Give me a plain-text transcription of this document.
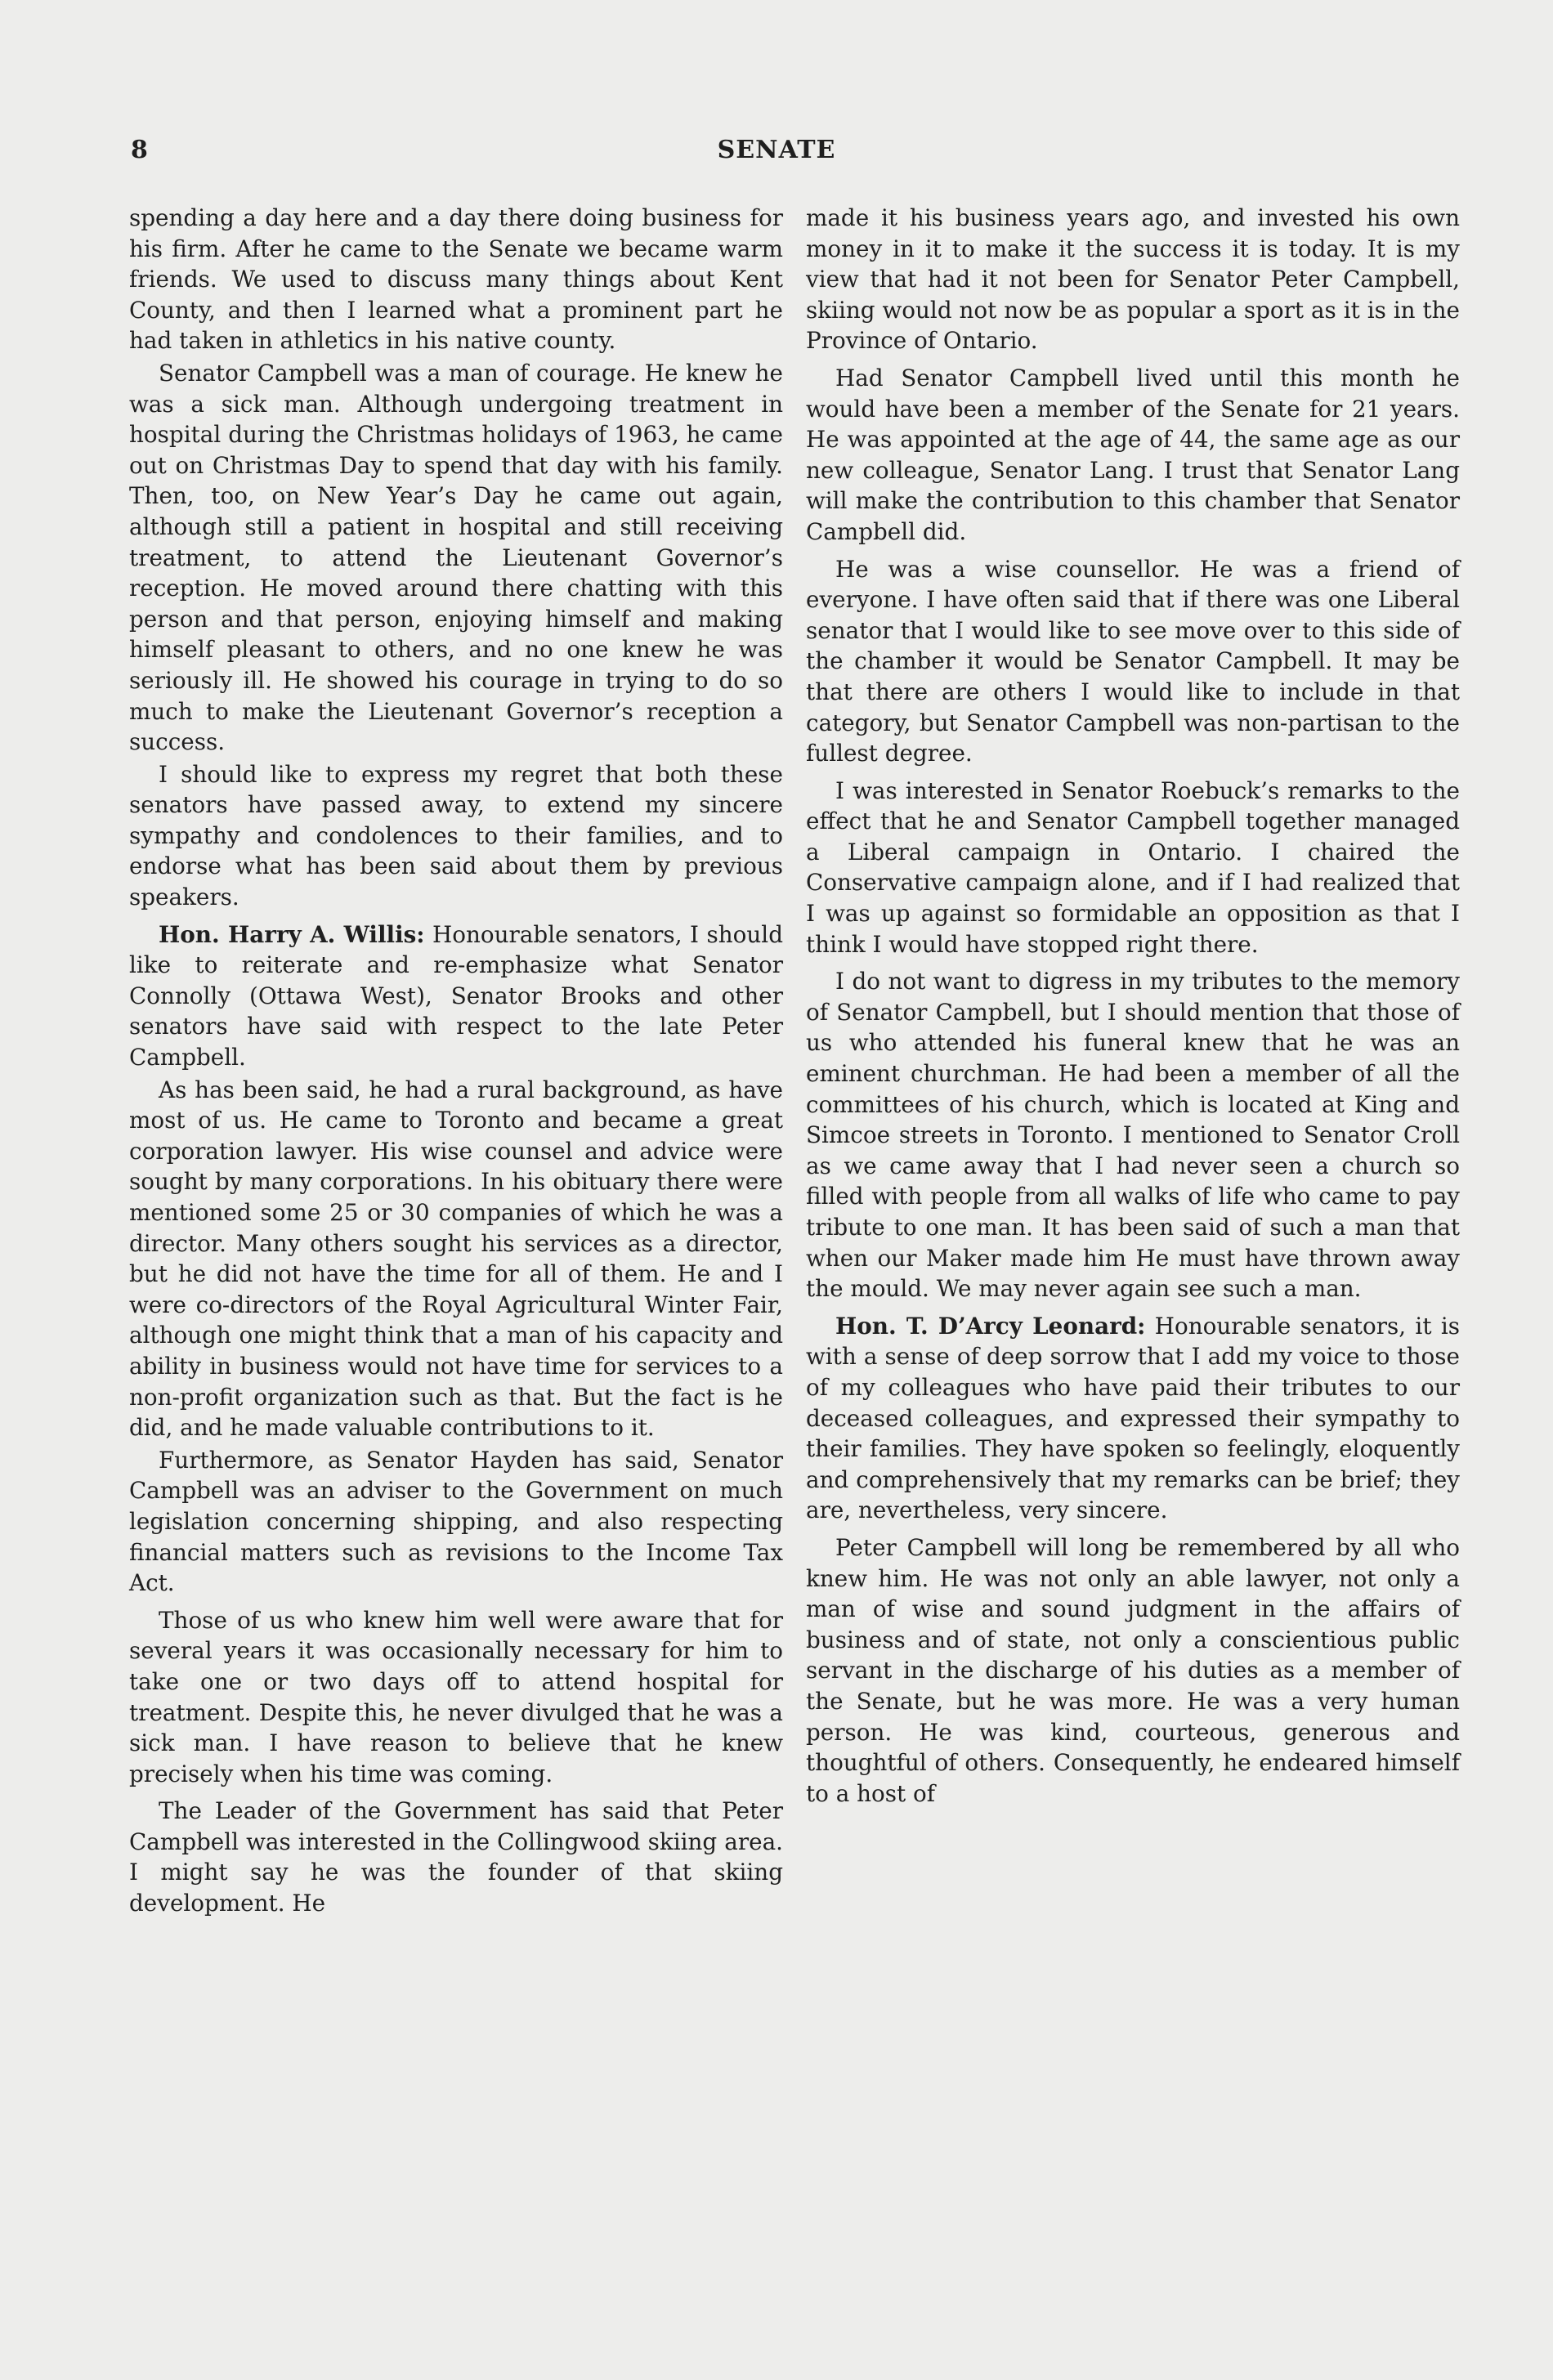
8	SENATE

spending a day here and a day there doing business for his firm. After he came to the Senate we became warm friends. We used to discuss many things about Kent County, and then I learned what a prominent part he had taken in athletics in his native county.

Senator Campbell was a man of courage. He knew he was a sick man. Although undergoing treatment in hospital during the Christmas holidays of 1963, he came out on Christmas Day to spend that day with his family. Then, too, on New Year’s Day he came out again, although still a patient in hospital and still receiving treatment, to attend the Lieutenant Governor’s reception. He moved around there chatting with this person and that person, enjoying himself and making himself pleasant to others, and no one knew he was seriously ill. He showed his courage in trying to do so much to make the Lieutenant Governor’s reception a success.

I should like to express my regret that both these senators have passed away, to extend my sincere sympathy and condolences to their families, and to endorse what has been said about them by previous speakers.

Hon. Harry A. Willis: Honourable senators, I should like to reiterate and re-emphasize what Senator Connolly (Ottawa West), Senator Brooks and other senators have said with respect to the late Peter Campbell.

As has been said, he had a rural background, as have most of us. He came to Toronto and became a great corporation lawyer. His wise counsel and advice were sought by many corporations. In his obituary there were mentioned some 25 or 30 companies of which he was a director. Many others sought his services as a director, but he did not have the time for all of them. He and I were co-directors of the Royal Agricultural Winter Fair, although one might think that a man of his capacity and ability in business would not have time for services to a non-profit organization such as that. But the fact is he did, and he made valuable contributions to it.

Furthermore, as Senator Hayden has said, Senator Campbell was an adviser to the Government on much legislation concerning shipping, and also respecting financial matters such as revisions to the Income Tax Act.

Those of us who knew him well were aware that for several years it was occasionally necessary for him to take one or two days off to attend hospital for treatment. Despite this, he never divulged that he was a sick man. I have reason to believe that he knew precisely when his time was coming.

The Leader of the Government has said that Peter Campbell was interested in the Collingwood skiing area. I might say he was the founder of that skiing development. He

made it his business years ago, and invested his own money in it to make it the success it is today. It is my view that had it not been for Senator Peter Campbell, skiing would not now be as popular a sport as it is in the Province of Ontario.

Had Senator Campbell lived until this month he would have been a member of the Senate for 21 years. He was appointed at the age of 44, the same age as our new colleague, Senator Lang. I trust that Senator Lang will make the contribution to this chamber that Senator Campbell did.

He was a wise counsellor. He was a friend of everyone. I have often said that if there was one Liberal senator that I would like to see move over to this side of the chamber it would be Senator Campbell. It may be that there are others I would like to include in that category, but Senator Campbell was non-partisan to the fullest degree.

I was interested in Senator Roebuck’s remarks to the effect that he and Senator Campbell together managed a Liberal campaign in Ontario. I chaired the Conservative campaign alone, and if I had realized that I was up against so formidable an opposition as that I think I would have stopped right there.

I do not want to digress in my tributes to the memory of Senator Campbell, but I should mention that those of us who attended his funeral knew that he was an eminent churchman. He had been a member of all the committees of his church, which is located at King and Simcoe streets in Toronto. I mentioned to Senator Croll as we came away that I had never seen a church so filled with people from all walks of life who came to pay tribute to one man. It has been said of such a man that when our Maker made him He must have thrown away the mould. We may never again see such a man.

Hon. T. D’Arcy Leonard: Honourable senators, it is with a sense of deep sorrow that I add my voice to those of my colleagues who have paid their tributes to our deceased colleagues, and expressed their sympathy to their families. They have spoken so feelingly, eloquently and comprehensively that my remarks can be brief; they are, nevertheless, very sincere.

Peter Campbell will long be remembered by all who knew him. He was not only an able lawyer, not only a man of wise and sound judgment in the affairs of business and of state, not only a conscientious public servant in the discharge of his duties as a member of the Senate, but he was more. He was a very human person. He was kind, courteous, generous and thoughtful of others. Consequently, he endeared himself to a host of
